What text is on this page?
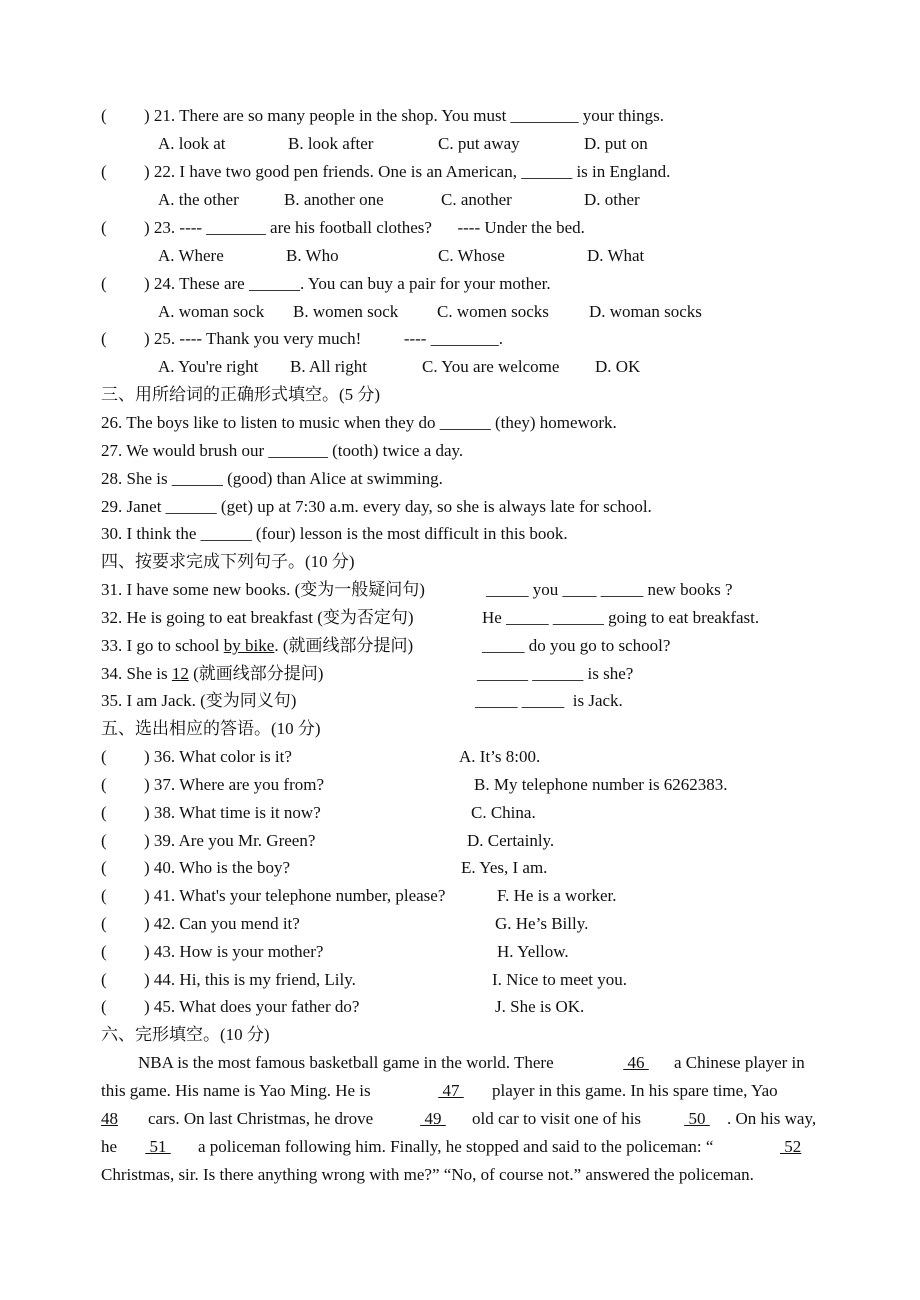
( ) 21. There are so many people in the shop. You must ________ your things.
A. look at	B. look after	C. put away	D. put on
( ) 22. I have two good pen friends. One is an American, ______ is in England.
A. the other	B. another one	C. another	D. other
( ) 23. ---- _______ are his football clothes?      ---- Under the bed.
A. Where	B. Who	C. Whose	D. What
( ) 24. These are ______. You can buy a pair for your mother.
A. woman sock B. women sock C. women socks D. woman socks
( ) 25. ---- Thank you very much!          ---- ________.
A. You're right B. All right	C. You are welcome D. OK
三、用所给词的正确形式填空。(5 分)
26. The boys like to listen to music when they do ______ (they) homework.
27. We would brush our _______ (tooth) twice a day.
28. She is ______ (good) than Alice at swimming.
29. Janet ______ (get) up at 7:30 a.m. every day, so she is always late for school.
30. I think the ______ (four) lesson is the most difficult in this book.
四、按要求完成下列句子。(10 分)
31. I have some new books. (变为一般疑问句)	_____ you ____ _____ new books ?
32. He is going to eat breakfast (变为否定句)	He _____ ______ going to eat breakfast.
33. I go to school by bike. (就画线部分提问)	_____ do you go to school?
34. She is 12 (就画线部分提问)	______ ______ is she?
35. I am Jack. (变为同义句)	_____ _____  is Jack.
五、选出相应的答语。(10 分)
( ) 36. What color is it?	A. It’s 8:00.
( ) 37. Where are you from?	B. My telephone number is 6262383.
( ) 38. What time is it now?	C. China.
( ) 39. Are you Mr. Green?	D. Certainly.
( ) 40. Who is the boy?	E. Yes, I am.
( ) 41. What's your telephone number, please?	F. He is a worker.
( ) 42. Can you mend it?	G. He’s Billy.
( ) 43. How is your mother?	H. Yellow.
( ) 44. Hi, this is my friend, Lily.	I. Nice to meet you.
( ) 45. What does your father do?	J. She is OK.
六、完形填空。(10 分)
NBA is the most famous basketball game in the world. There	46	a Chinese player in
this game. His name is Yao Ming. He is	47	player in this game. In his spare time, Yao
48	cars. On last Christmas, he drove	49	old car to visit one of his	50	. On his way,
he	51	a policeman following him. Finally, he stopped and said to the policeman: “	52
Christmas, sir. Is there anything wrong with me?” “No, of course not.” answered the policeman.
